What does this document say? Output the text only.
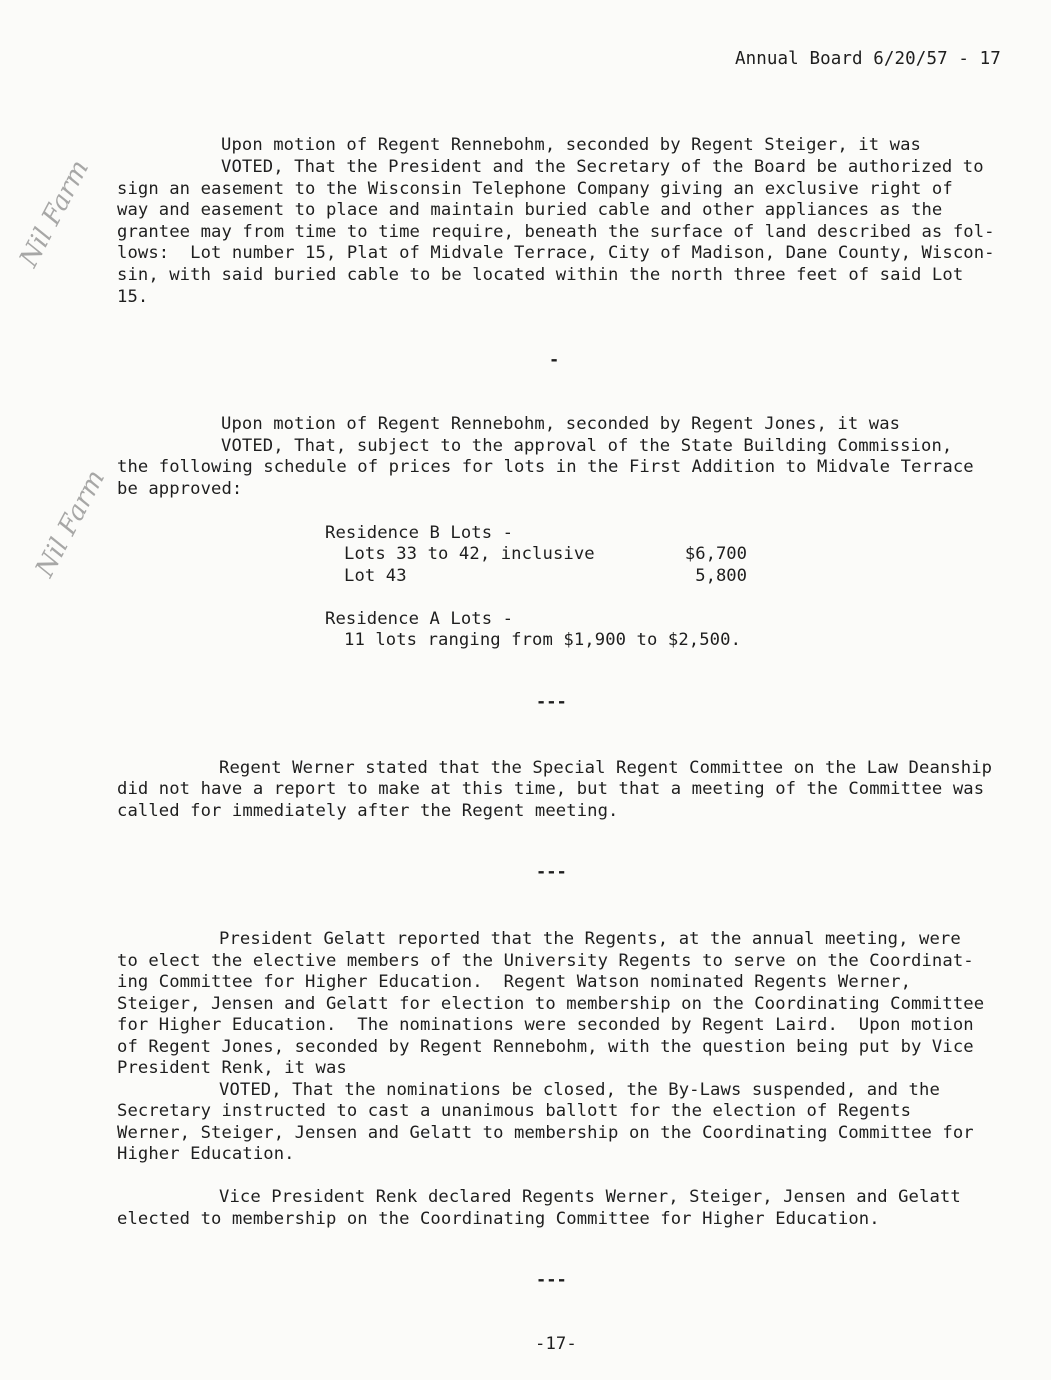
Annual Board 6/20/57 - 17
Upon motion of Regent Rennebohm, seconded by Regent Steiger, it was
VOTED, That the President and the Secretary of the Board be authorized to
sign an easement to the Wisconsin Telephone Company giving an exclusive right of
way and easement to place and maintain buried cable and other appliances as the
grantee may from time to time require, beneath the surface of land described as fol-
lows:  Lot number 15, Plat of Midvale Terrace, City of Madison, Dane County, Wiscon-
sin, with said buried cable to be located within the north three feet of said Lot
15.
-
Nil Farm
Nil Farm
Upon motion of Regent Rennebohm, seconded by Regent Jones, it was
VOTED, That, subject to the approval of the State Building Commission,
the following schedule of prices for lots in the First Addition to Midvale Terrace
be approved:
Residence B Lots -
Lots 33 to 42, inclusive	$6,700
Lot 43	5,800
Residence A Lots -
11 lots ranging from $1,900 to $2,500.
---
Regent Werner stated that the Special Regent Committee on the Law Deanship
did not have a report to make at this time, but that a meeting of the Committee was
called for immediately after the Regent meeting.
---
President Gelatt reported that the Regents, at the annual meeting, were
to elect the elective members of the University Regents to serve on the Coordinat-
ing Committee for Higher Education.  Regent Watson nominated Regents Werner,
Steiger, Jensen and Gelatt for election to membership on the Coordinating Committee
for Higher Education.  The nominations were seconded by Regent Laird.  Upon motion
of Regent Jones, seconded by Regent Rennebohm, with the question being put by Vice
President Renk, it was
VOTED, That the nominations be closed, the By-Laws suspended, and the
Secretary instructed to cast a unanimous ballott for the election of Regents
Werner, Steiger, Jensen and Gelatt to membership on the Coordinating Committee for
Higher Education.
Vice President Renk declared Regents Werner, Steiger, Jensen and Gelatt
elected to membership on the Coordinating Committee for Higher Education.
---
-17-
